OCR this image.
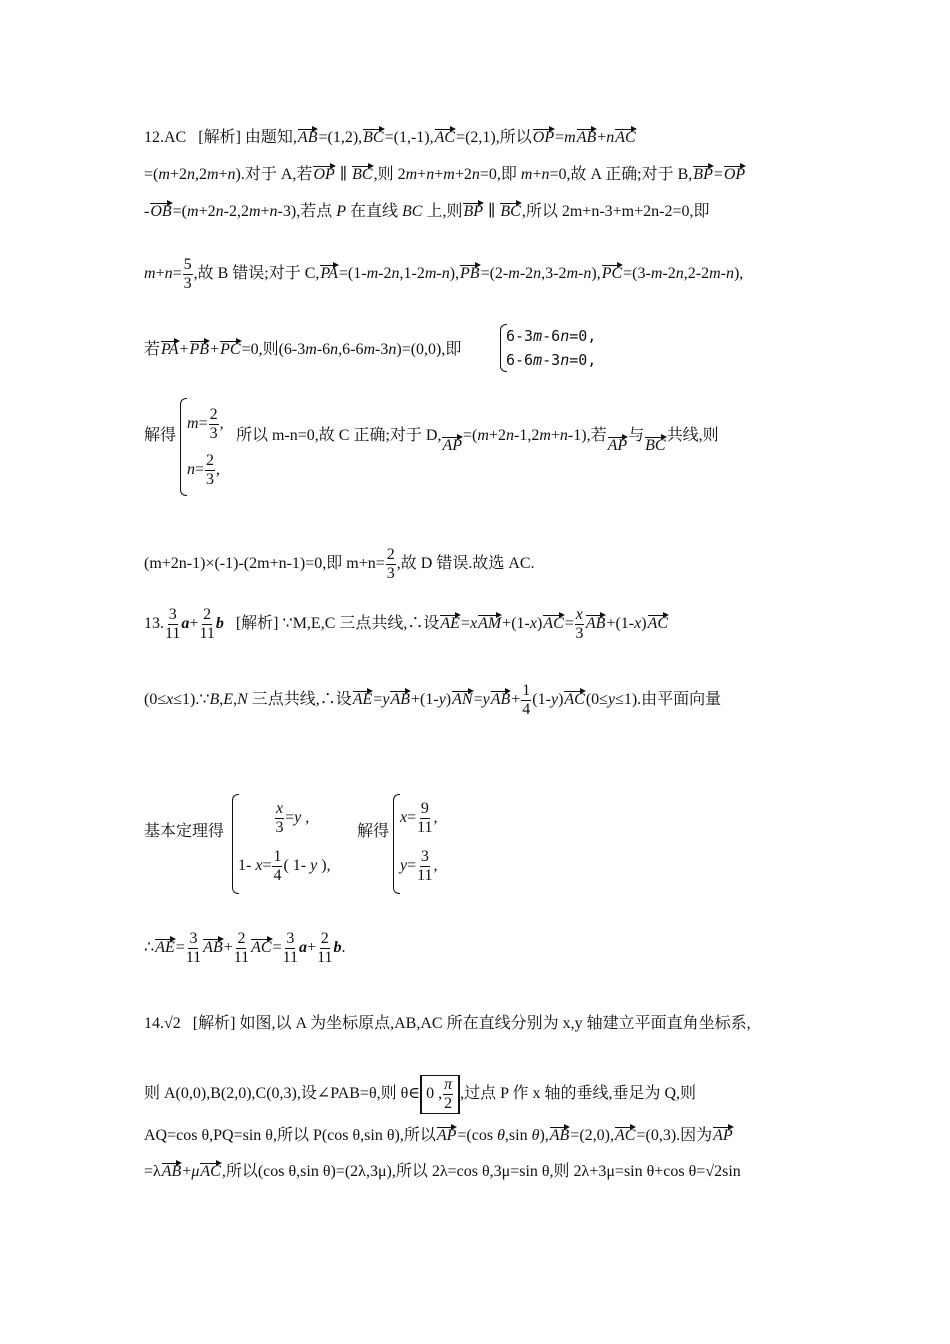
12.AC [解析] 由题知,AB=(1,2),BC=(1,-1),AC=(2,1),所以OP=mAB+nAC
=(m+2n,2m+n).对于 A,若OP ∥ BC,则 2m+n+m+2n=0,即 m+n=0,故 A 正确;对于 B,BP=OP
-OB=(m+2n-2,2m+n-3),若点 P 在直线 BC 上,则BP ∥ BC,所以 2m+n-3+m+2n-2=0,即
$m+n= \frac{5}{3}$ ,故 B 错误;对于 C,PA=(1-m-2n,1-2m-n),PB=(2-m-2n,3-2m-n),PC=(3-m-2n,2-2m-n),
若PA+PB+PC=0,则(6-3m-6n,6-6m-3n)=(0,0),即
6-3m-6n=0,
6-6m-3n=0,
解得
$m= \frac{2}{3}$ ,
$n= \frac{2}{3}$ ,
所以 m-n=0,故 C 正确;对于 D,AP=(m+2n-1,2m+n-1),若AP与BC共线,则
(m+2n-1)×(-1)-(2m+n-1)=0,即 $m+n= \frac{2}{3}$ ,故 D 错误.故选 AC.
13. $\frac{3}{11} a+ \frac{2}{11}$ b [解析] ∵M,E,C 三点共线,∴设$AE=xAM+(1-x)AC= \frac{x}{3} AB+(1-x)AC$
(0≤x≤1).∵B,E,N 三点共线,∴设$AE=yAB+(1-y)AN=yAB+ \frac{1}{4} (1-y)AC(0\le y\le 1)$.由平面向量
基本定理得	$\frac{x}{3} =y$ ,
1- $x= \frac{1}{4}$ ( 1- y ),
解得
$x= \frac{9}{11}$ ,
$y= \frac{3}{11}$ ,
∴AE= $\frac{3}{11} AB+ \frac{2}{11} AC= \frac{3}{11} a+ \frac{2}{11} b$.
14.√2 [解析] 如图,以 A 为坐标原点,AB,AC 所在直线分别为 x,y 轴建立平面直角坐标系,
则 A(0,0),B(2,0),C(0,3),设∠PAB=θ,则 θ∈ 0 , $\frac{\pi}{2}$ ,过点 P 作 x 轴的垂线,垂足为 Q,则
AQ=cos θ,PQ=sin θ,所以 P(cos θ,sin θ),所以AP=(cos θ,sin θ),AB=(2,0),AC=(0,3).因为AP
=λAB+μAC,所以(cos θ,sin θ)=(2λ,3μ),所以 2λ=cos θ,3μ=sin θ,则 2λ+3μ=sin θ+cos θ=√2sin
